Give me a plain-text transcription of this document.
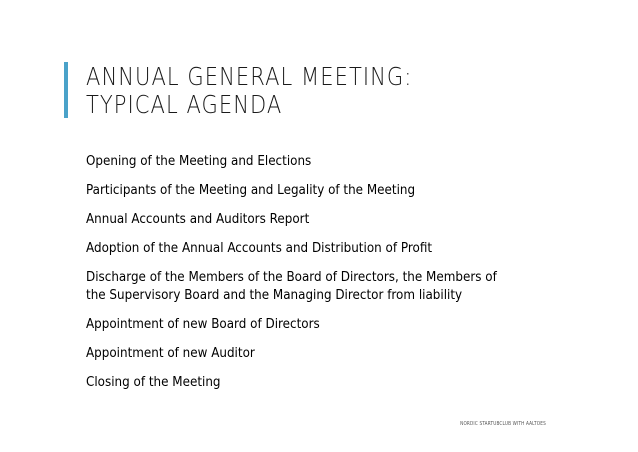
ANNUAL GENERAL MEETING:
TYPICAL AGENDA
Opening of the Meeting and Elections
Participants of the Meeting and Legality of the Meeting
Annual Accounts and Auditors Report
Adoption of the Annual Accounts and Distribution of Profit
Discharge of the Members of the Board of Directors, the Members of
the Supervisory Board and the Managing Director from liability
Appointment of new Board of Directors
Appointment of new Auditor
Closing of the Meeting
NORDIC STARTUBCLUB WITH AALTOES
